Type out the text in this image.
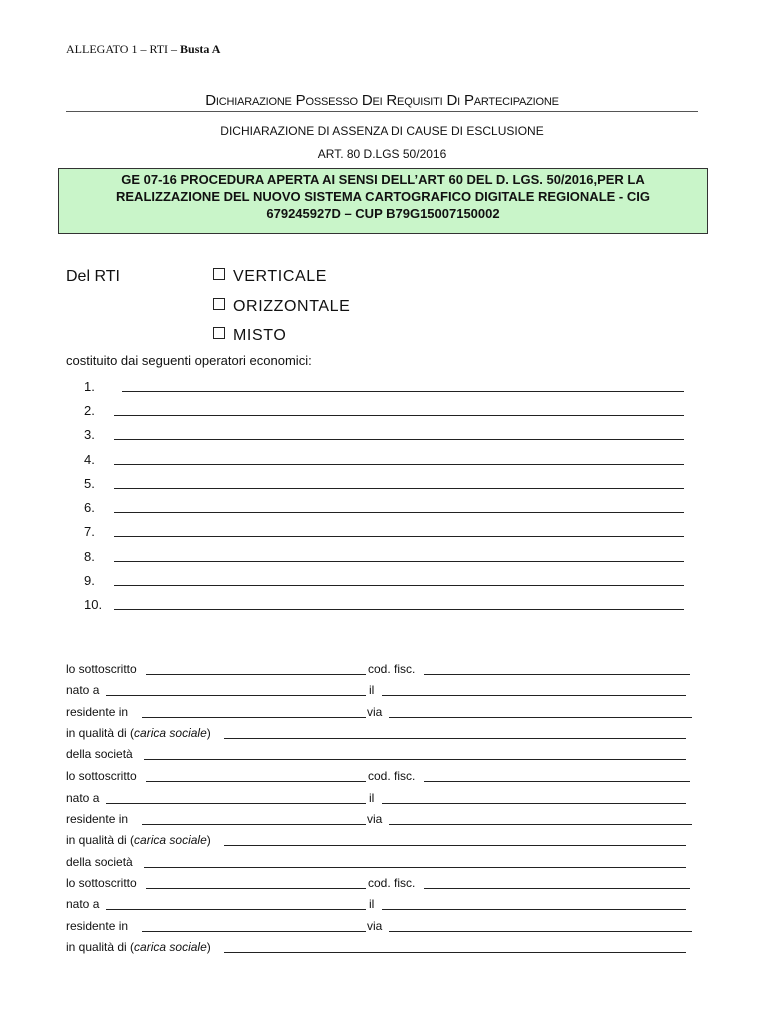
ALLEGATO 1 – RTI – Busta A
Dichiarazione Possesso Dei Requisiti Di Partecipazione
DICHIARAZIONE DI ASSENZA DI CAUSE DI ESCLUSIONE
ART. 80 D.LGS 50/2016
GE 07-16 PROCEDURA APERTA AI SENSI DELL’ART 60 DEL D. LGS. 50/2016,PER LA
REALIZZAZIONE DEL NUOVO SISTEMA CARTOGRAFICO DIGITALE REGIONALE - CIG
679245927D – CUP B79G15007150002
Del RTI	VERTICALE
ORIZZONTALE
MISTO
costituito dai seguenti operatori economici:
1.
2.
3.
4.
5.
6.
7.
8.
9.
10.
lo sottoscritto	cod. fisc.
nato a	il
residente in	via
in qualità di (carica sociale)
della società
lo sottoscritto	cod. fisc.
nato a	il
residente in	via
in qualità di (carica sociale)
della società
lo sottoscritto	cod. fisc.
nato a	il
residente in	via
in qualità di (carica sociale)
